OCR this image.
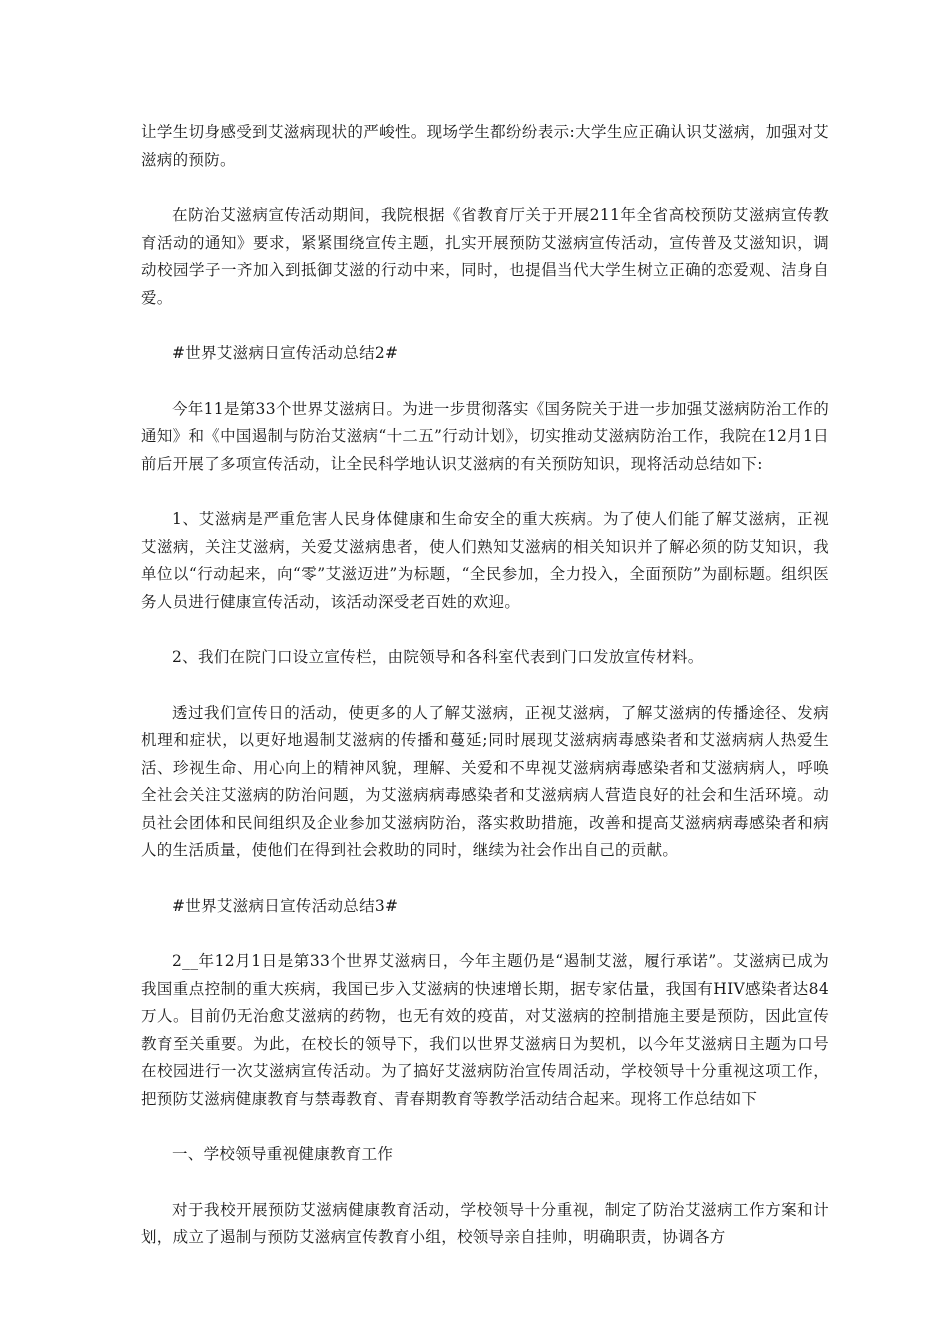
让学生切身感受到艾滋病现状的严峻性。现场学生都纷纷表示:大学生应正确认识艾滋病，加强对艾滋病的预防。

在防治艾滋病宣传活动期间，我院根据《省教育厅关于开展211年全省高校预防艾滋病宣传教育活动的通知》要求，紧紧围绕宣传主题，扎实开展预防艾滋病宣传活动，宣传普及艾滋知识，调动校园学子一齐加入到抵御艾滋的行动中来，同时，也提倡当代大学生树立正确的恋爱观、洁身自爱。

#世界艾滋病日宣传活动总结2#

今年11是第33个世界艾滋病日。为进一步贯彻落实《国务院关于进一步加强艾滋病防治工作的通知》和《中国遏制与防治艾滋病“十二五”行动计划》，切实推动艾滋病防治工作，我院在12月1日前后开展了多项宣传活动，让全民科学地认识艾滋病的有关预防知识，现将活动总结如下:

1、艾滋病是严重危害人民身体健康和生命安全的重大疾病。为了使人们能了解艾滋病，正视艾滋病，关注艾滋病，关爱艾滋病患者，使人们熟知艾滋病的相关知识并了解必须的防艾知识，我单位以“行动起来，向“零”艾滋迈进”为标题，“全民参加，全力投入，全面预防”为副标题。组织医务人员进行健康宣传活动，该活动深受老百姓的欢迎。

2、我们在院门口设立宣传栏，由院领导和各科室代表到门口发放宣传材料。

透过我们宣传日的活动，使更多的人了解艾滋病，正视艾滋病，了解艾滋病的传播途径、发病机理和症状，以更好地遏制艾滋病的传播和蔓延;同时展现艾滋病病毒感染者和艾滋病病人热爱生活、珍视生命、用心向上的精神风貌，理解、关爱和不卑视艾滋病病毒感染者和艾滋病病人，呼唤全社会关注艾滋病的防治问题，为艾滋病病毒感染者和艾滋病病人营造良好的社会和生活环境。动员社会团体和民间组织及企业参加艾滋病防治，落实救助措施，改善和提高艾滋病病毒感染者和病人的生活质量，使他们在得到社会救助的同时，继续为社会作出自己的贡献。

#世界艾滋病日宣传活动总结3#

2__年12月1日是第33个世界艾滋病日，今年主题仍是“遏制艾滋，履行承诺”。艾滋病已成为我国重点控制的重大疾病，我国已步入艾滋病的快速增长期，据专家估量，我国有HIV感染者达84万人。目前仍无治愈艾滋病的药物，也无有效的疫苗，对艾滋病的控制措施主要是预防，因此宣传教育至关重要。为此，在校长的领导下，我们以世界艾滋病日为契机，以今年艾滋病日主题为口号在校园进行一次艾滋病宣传活动。为了搞好艾滋病防治宣传周活动，学校领导十分重视这项工作，把预防艾滋病健康教育与禁毒教育、青春期教育等教学活动结合起来。现将工作总结如下

一、学校领导重视健康教育工作

对于我校开展预防艾滋病健康教育活动，学校领导十分重视，制定了防治艾滋病工作方案和计划，成立了遏制与预防艾滋病宣传教育小组，校领导亲自挂帅，明确职责，协调各方
